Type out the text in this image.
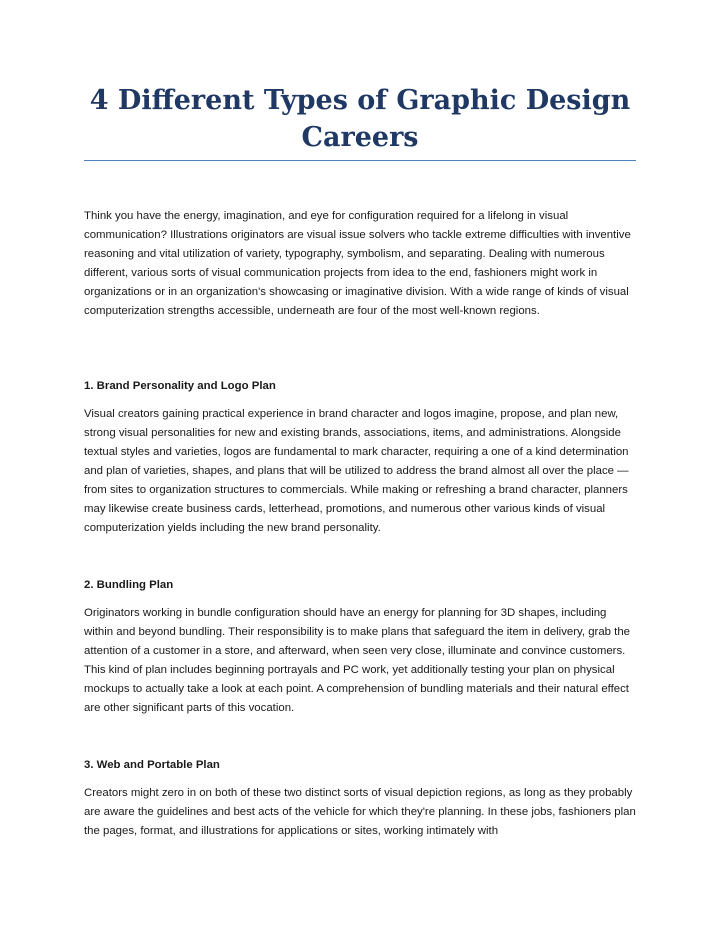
4 Different Types of Graphic Design Careers

Think you have the energy, imagination, and eye for configuration required for a lifelong in visual communication? Illustrations originators are visual issue solvers who tackle extreme difficulties with inventive reasoning and vital utilization of variety, typography, symbolism, and separating. Dealing with numerous different, various sorts of visual communication projects from idea to the end, fashioners might work in organizations or in an organization's showcasing or imaginative division. With a wide range of kinds of visual computerization strengths accessible, underneath are four of the most well-known regions.

1. Brand Personality and Logo Plan

Visual creators gaining practical experience in brand character and logos imagine, propose, and plan new, strong visual personalities for new and existing brands, associations, items, and administrations. Alongside textual styles and varieties, logos are fundamental to mark character, requiring a one of a kind determination and plan of varieties, shapes, and plans that will be utilized to address the brand almost all over the place — from sites to organization structures to commercials. While making or refreshing a brand character, planners may likewise create business cards, letterhead, promotions, and numerous other various kinds of visual computerization yields including the new brand personality.

2. Bundling Plan

Originators working in bundle configuration should have an energy for planning for 3D shapes, including within and beyond bundling. Their responsibility is to make plans that safeguard the item in delivery, grab the attention of a customer in a store, and afterward, when seen very close, illuminate and convince customers. This kind of plan includes beginning portrayals and PC work, yet additionally testing your plan on physical mockups to actually take a look at each point. A comprehension of bundling materials and their natural effect are other significant parts of this vocation.

3. Web and Portable Plan

Creators might zero in on both of these two distinct sorts of visual depiction regions, as long as they probably are aware the guidelines and best acts of the vehicle for which they're planning. In these jobs, fashioners plan the pages, format, and illustrations for applications or sites, working intimately with
